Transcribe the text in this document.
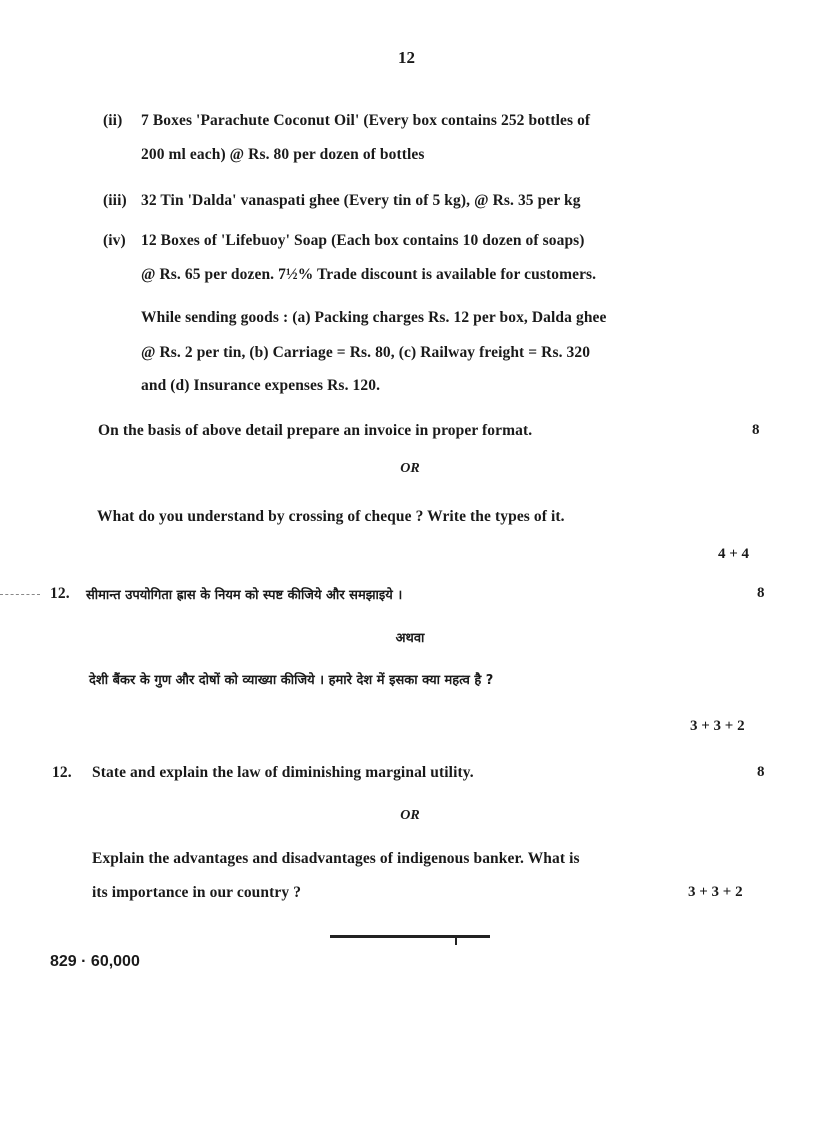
12
(ii) 7 Boxes 'Parachute Coconut Oil' (Every box contains 252 bottles of
200 ml each) @ Rs. 80 per dozen of bottles
(iii) 32 Tin 'Dalda' vanaspati ghee (Every tin of 5 kg), @ Rs. 35 per kg
(iv) 12 Boxes of 'Lifebuoy' Soap (Each box contains 10 dozen of soaps)
@ Rs. 65 per dozen. 7½% Trade discount is available for customers.
While sending goods : (a) Packing charges Rs. 12 per box, Dalda ghee
@ Rs. 2 per tin, (b) Carriage = Rs. 80, (c) Railway freight = Rs. 320
and (d) Insurance expenses Rs. 120.
On the basis of above detail prepare an invoice in proper format.	8
OR
What do you understand by crossing of cheque ? Write the types of it.
4 + 4
12. सीमान्त उपयोगिता ह्रास के नियम को स्पष्ट कीजिये और समझाइये ।	8
अथवा
देशी बैंकर के गुण और दोषों को व्याख्या कीजिये । हमारे देश में इसका क्या महत्व है ?
3 + 3 + 2
12. State and explain the law of diminishing marginal utility.	8
OR
Explain the advantages and disadvantages of indigenous banker. What is
its importance in our country ?	3 + 3 + 2
829 · 60,000
